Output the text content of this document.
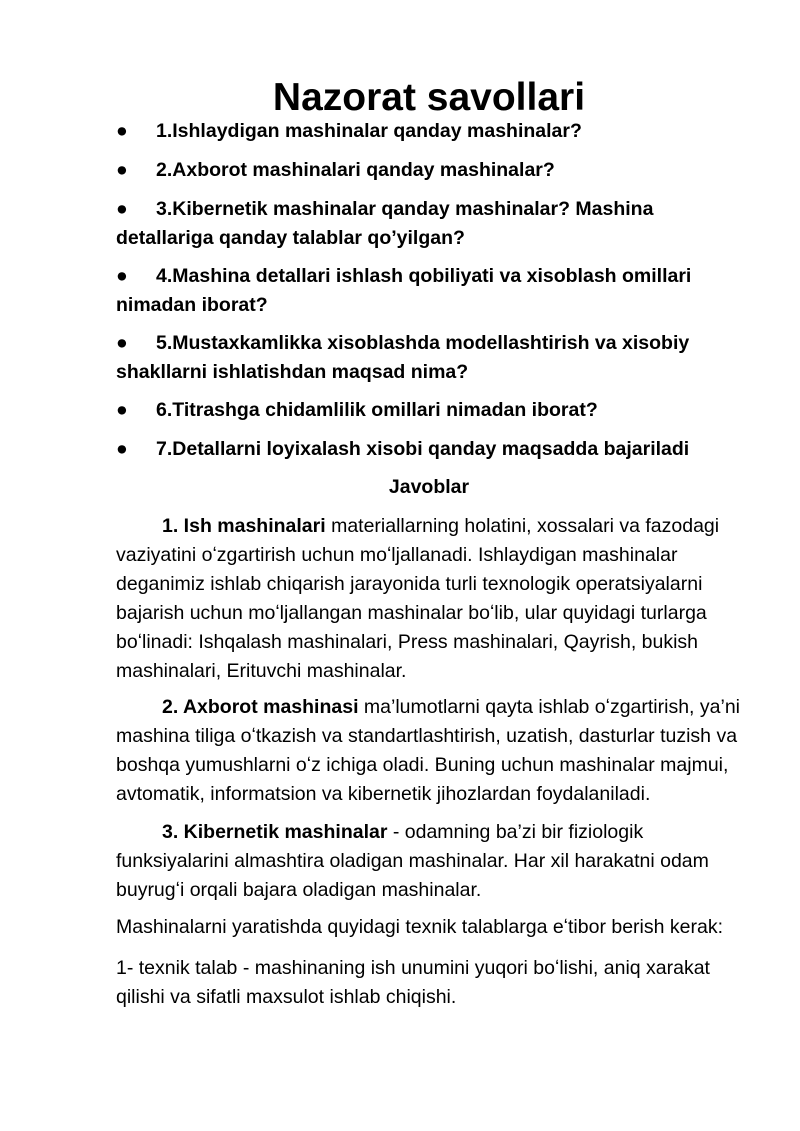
Nazorat savollari

● 1.Ishlaydigan mashinalar qanday mashinalar?

● 2.Axborot mashinalari qanday mashinalar?

● 3.Kibernetik mashinalar qanday mashinalar? Mashina detallariga qanday talablar qo’yilgan?

● 4.Mashina detallari ishlash qobiliyati va xisoblash omillari nimadan iborat?

● 5.Mustaxkamlikka xisoblashda modellashtirish va xisobiy shakllarni ishlatishdan maqsad nima?

● 6.Titrashga chidamlilik omillari nimadan iborat?

● 7.Detallarni loyixalash xisobi qanday maqsadda bajariladi

Javoblar

1. Ish mashinalari materiallarning holatini, xossalari va fazodagi vaziyatini oʻzgartirish uchun moʻljallanadi. Ishlaydigan mashinalar deganimiz ishlab chiqarish jarayonida turli texnologik operatsiyalarni bajarish uchun moʻljallangan mashinalar boʻlib, ular quyidagi turlarga boʻlinadi: Ishqalash mashinalari, Press mashinalari, Qayrish, bukish mashinalari, Erituvchi mashinalar.

2. Axborot mashinasi ma’lumotlarni qayta ishlab oʻzgartirish, ya’ni mashina tiliga oʻtkazish va standartlashtirish, uzatish, dasturlar tuzish va boshqa yumushlarni oʻz ichiga oladi. Buning uchun mashinalar majmui, avtomatik, informatsion va kibernetik jihozlardan foydalaniladi.

3. Kibernetik mashinalar - odamning ba’zi bir fiziologik funksiyalarini almashtira oladigan mashinalar. Har xil harakatni odam buyrugʻi orqali bajara oladigan mashinalar.

Mashinalarni yaratishda quyidagi texnik talablarga eʻtibor berish kerak:

1- texnik talab - mashinaning ish unumini yuqori boʻlishi, aniq xarakat qilishi va sifatli maxsulot ishlab chiqishi.
